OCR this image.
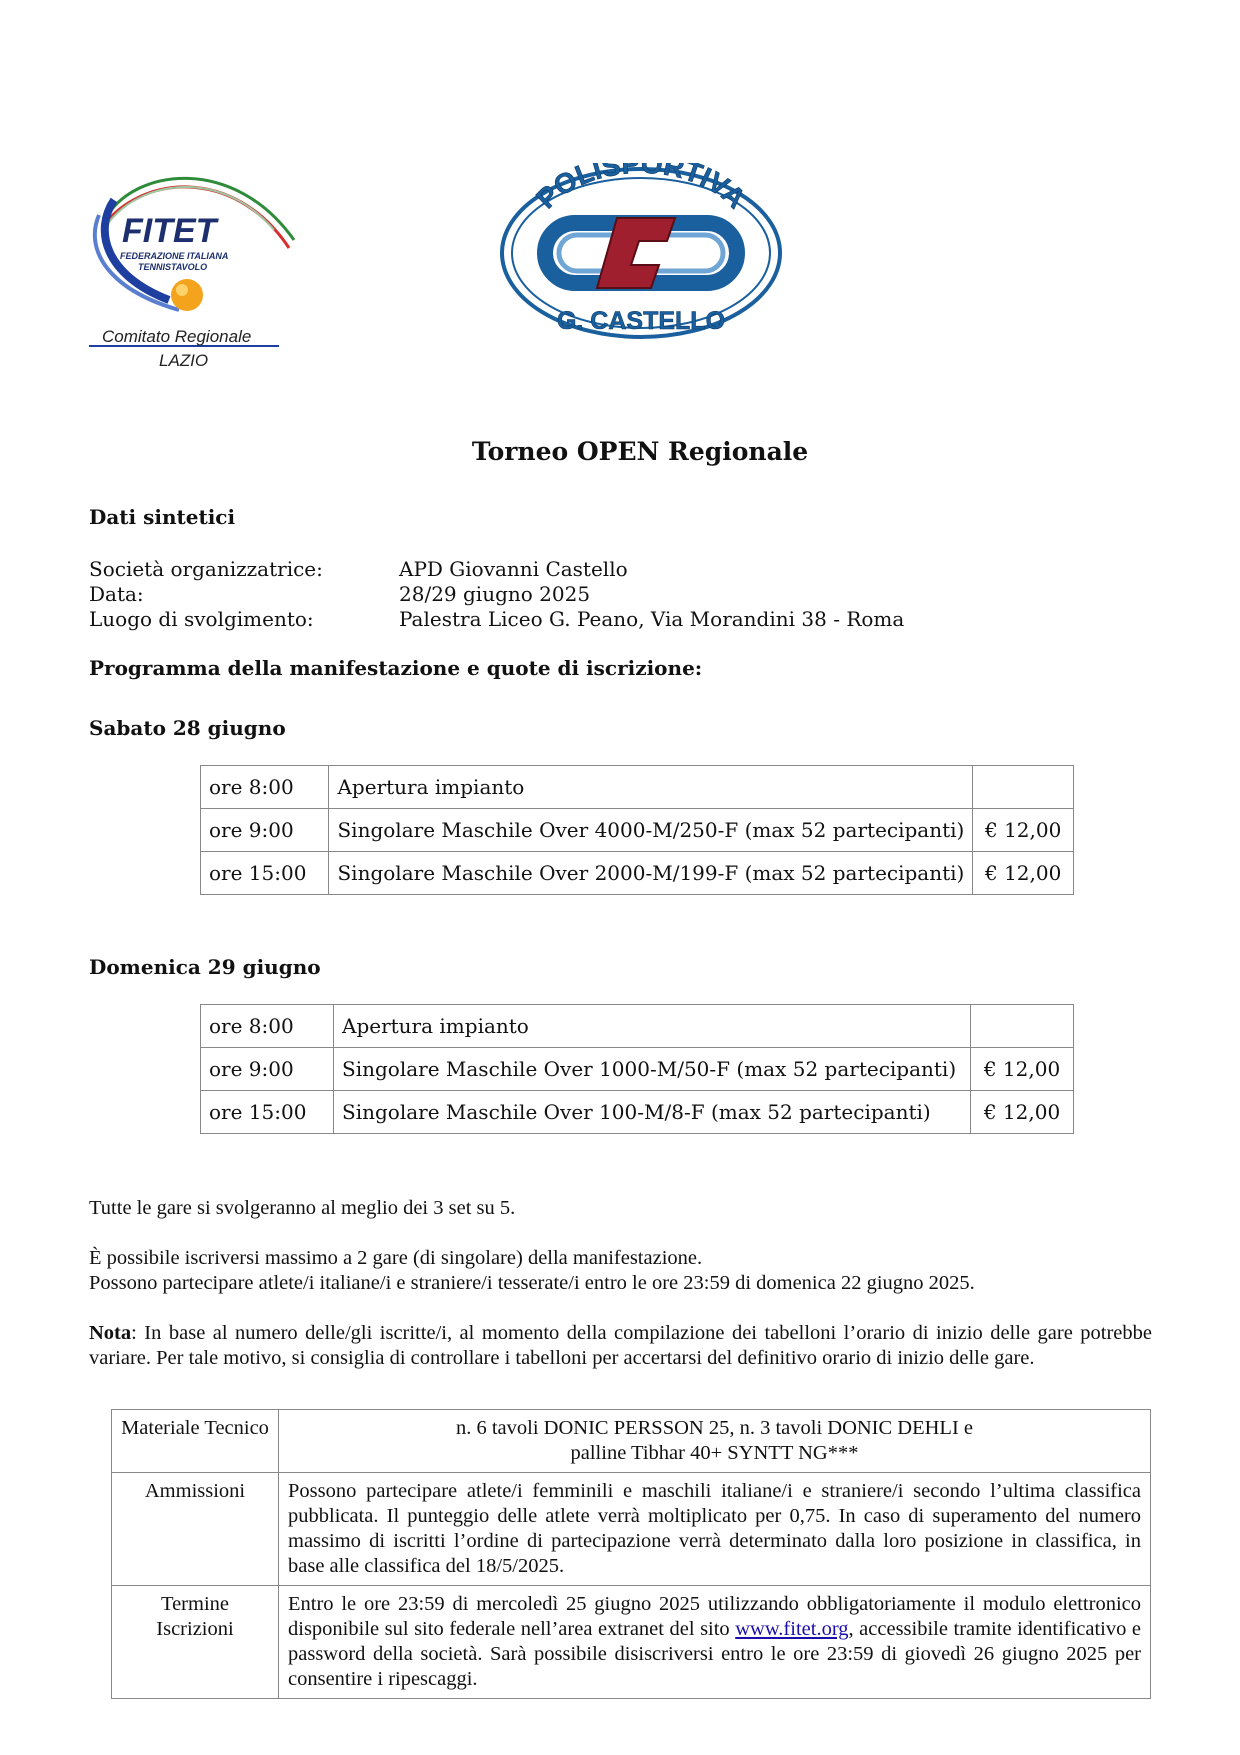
FITET
FEDERAZIONE ITALIANA
TENNISTAVOLO
Comitato Regionale
LAZIO
POLISPORTIVA
G. CASTELLO
Torneo OPEN Regionale
Dati sintetici
Società organizzatrice:	APD Giovanni Castello
Data:	28/29 giugno 2025
Luogo di svolgimento:	Palestra Liceo G. Peano, Via Morandini 38 - Roma
Programma della manifestazione e quote di iscrizione:
Sabato 28 giugno
ore 8:00	Apertura impianto	
ore 9:00	Singolare Maschile Over 4000-M/250-F (max 52 partecipanti)	€ 12,00
ore 15:00	Singolare Maschile Over 2000-M/199-F (max 52 partecipanti)	€ 12,00
Domenica 29 giugno
ore 8:00	Apertura impianto	
ore 9:00	Singolare Maschile Over 1000-M/50-F (max 52 partecipanti)	€ 12,00
ore 15:00	Singolare Maschile Over 100-M/8-F (max 52 partecipanti)	€ 12,00
Tutte le gare si svolgeranno al meglio dei 3 set su 5.
È possibile iscriversi massimo a 2 gare (di singolare) della manifestazione.
Possono partecipare atlete/i italiane/i e straniere/i tesserate/i entro le ore 23:59 di domenica 22 giugno 2025.
Nota: In base al numero delle/gli iscritte/i, al momento della compilazione dei tabelloni l’orario di inizio delle gare potrebbe variare. Per tale motivo, si consiglia di controllare i tabelloni per accertarsi del definitivo orario di inizio delle gare.
Materiale Tecnico	n. 6 tavoli DONIC PERSSON 25, n. 3 tavoli DONIC DEHLI e
palline Tibhar 40+ SYNTT NG***

Ammissioni	Possono partecipare atlete/i femminili e maschili italiane/i e straniere/i secondo l’ultima classifica pubblicata. Il punteggio delle atlete verrà moltiplicato per 0,75. In caso di superamento del numero massimo di iscritti l’ordine di partecipazione verrà determinato dalla loro posizione in classifica, in base alle classifica del 18/5/2025.
Termine Iscrizioni	Entro le ore 23:59 di mercoledì 25 giugno 2025 utilizzando obbligatoriamente il modulo elettronico disponibile sul sito federale nell’area extranet del sito www.fitet.org, accessibile tramite identificativo e password della società. Sarà possibile disiscriversi entro le ore 23:59 di giovedì 26 giugno 2025 per consentire i ripescaggi.
